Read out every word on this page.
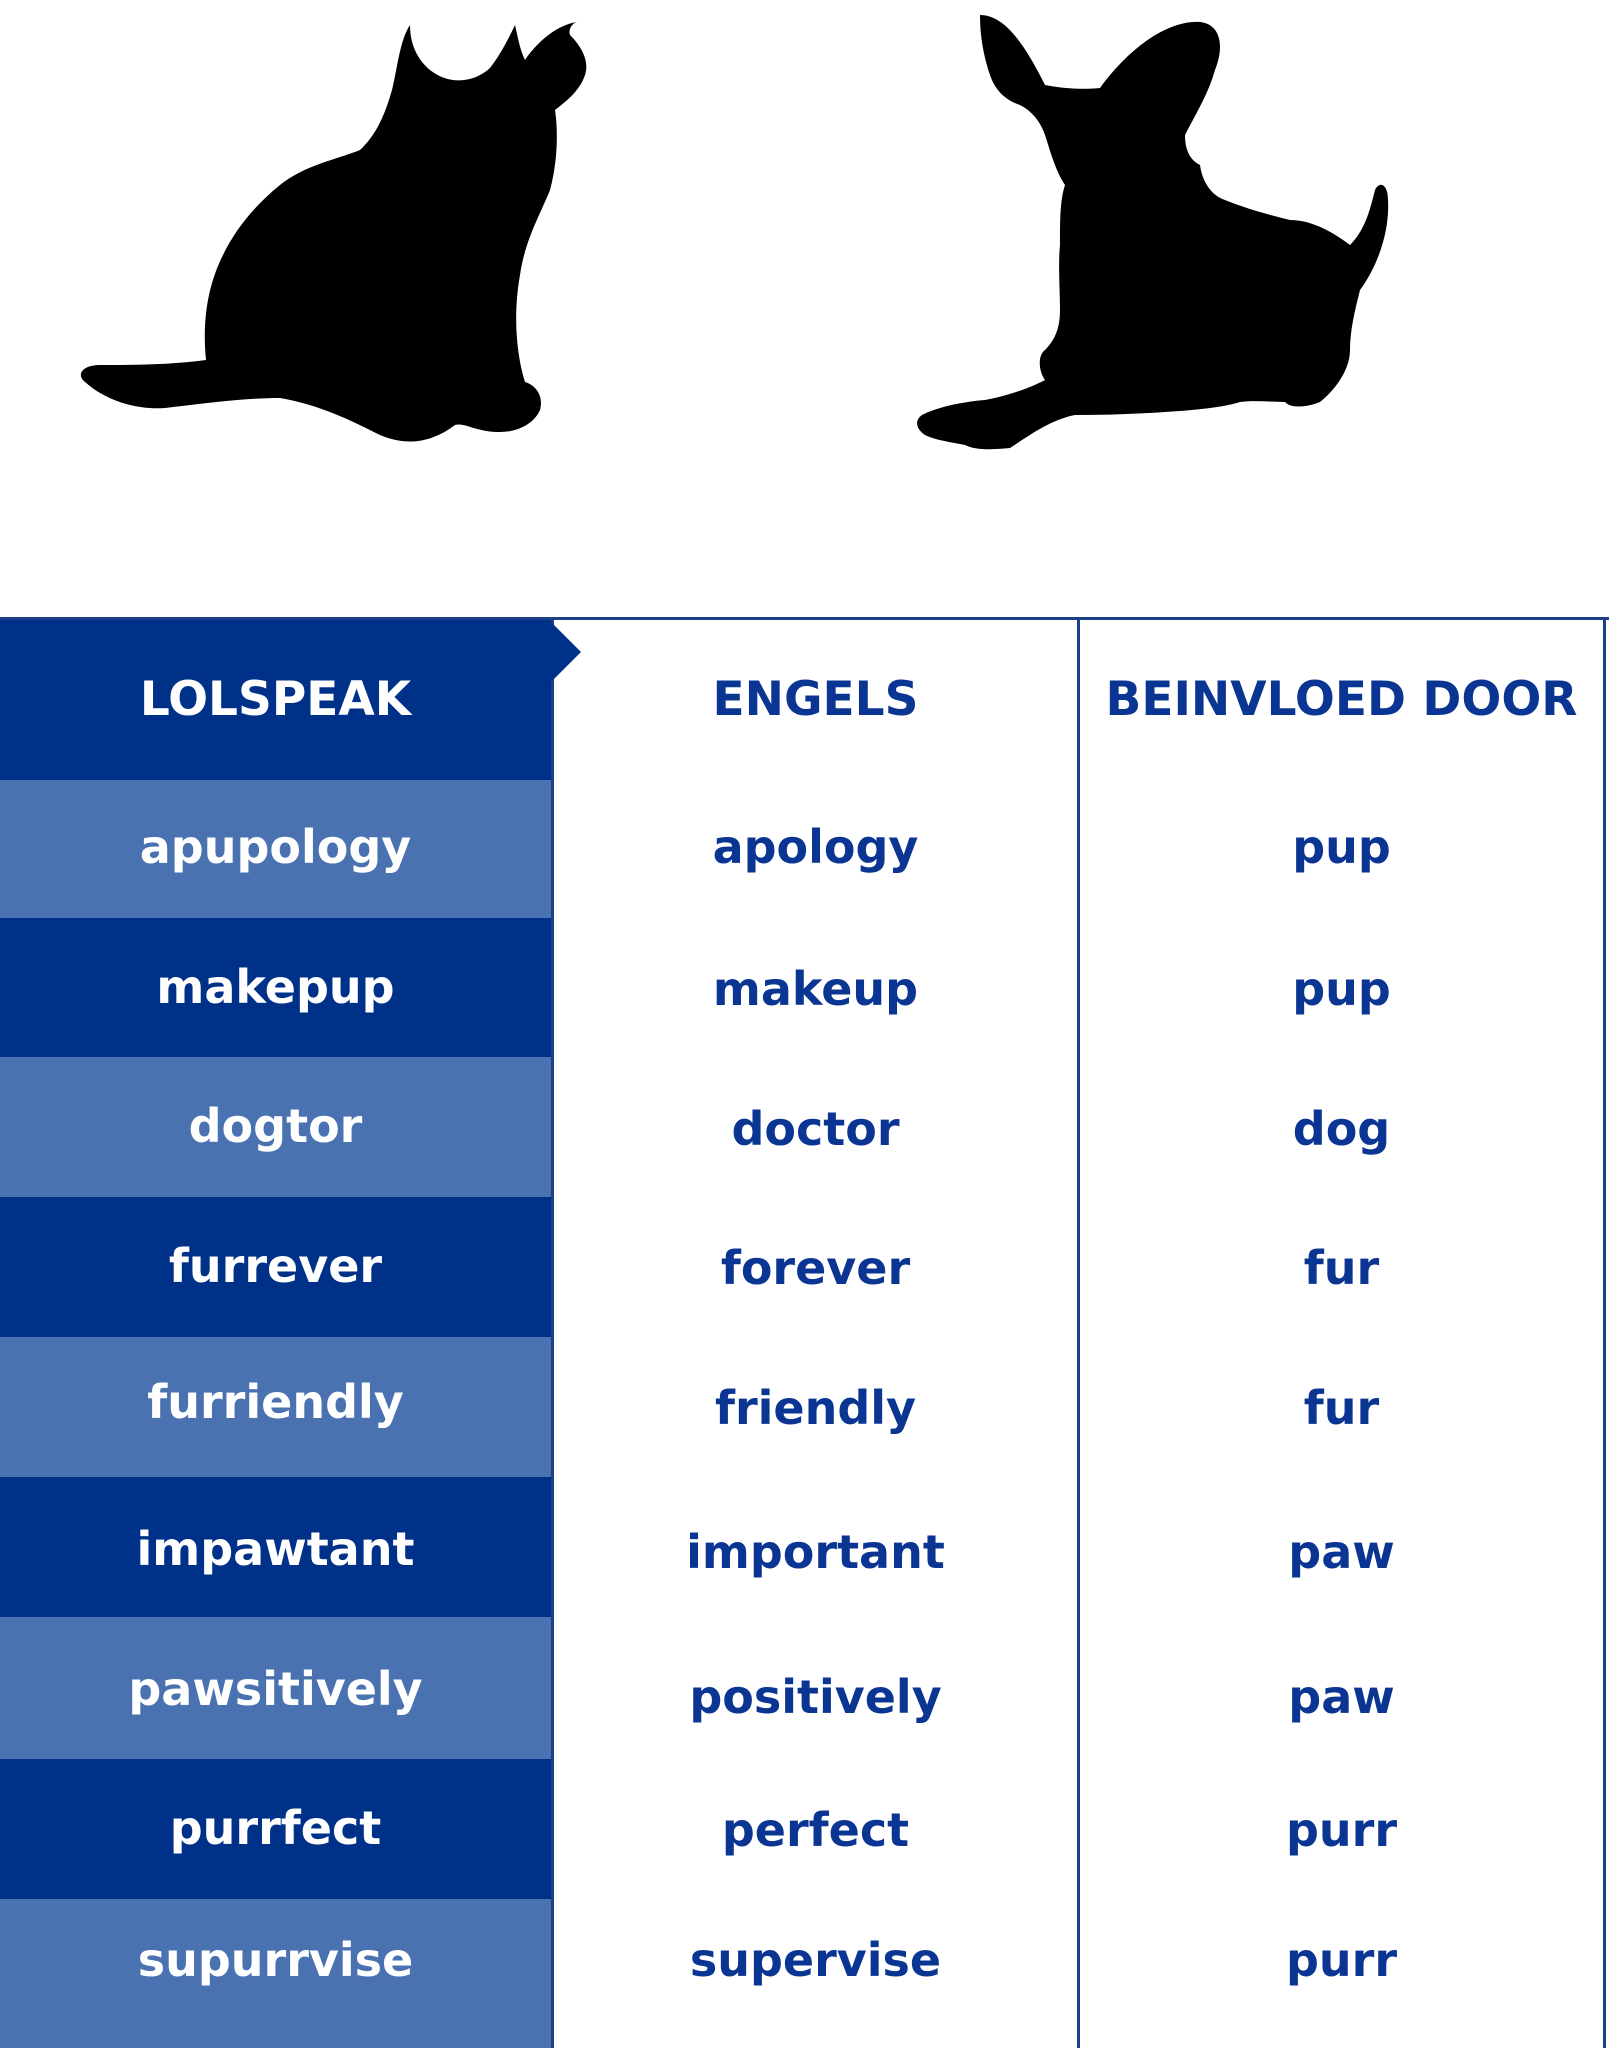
LOLSPEAK	ENGELS	BEINVLOED DOOR
apupology	apology	pup
makepup	makeup	pup
dogtor	doctor	dog
furrever	forever	fur
furriendly	friendly	fur
impawtant	important	paw
pawsitively	positively	paw
purrfect	perfect	purr
supurrvise	supervise	purr
